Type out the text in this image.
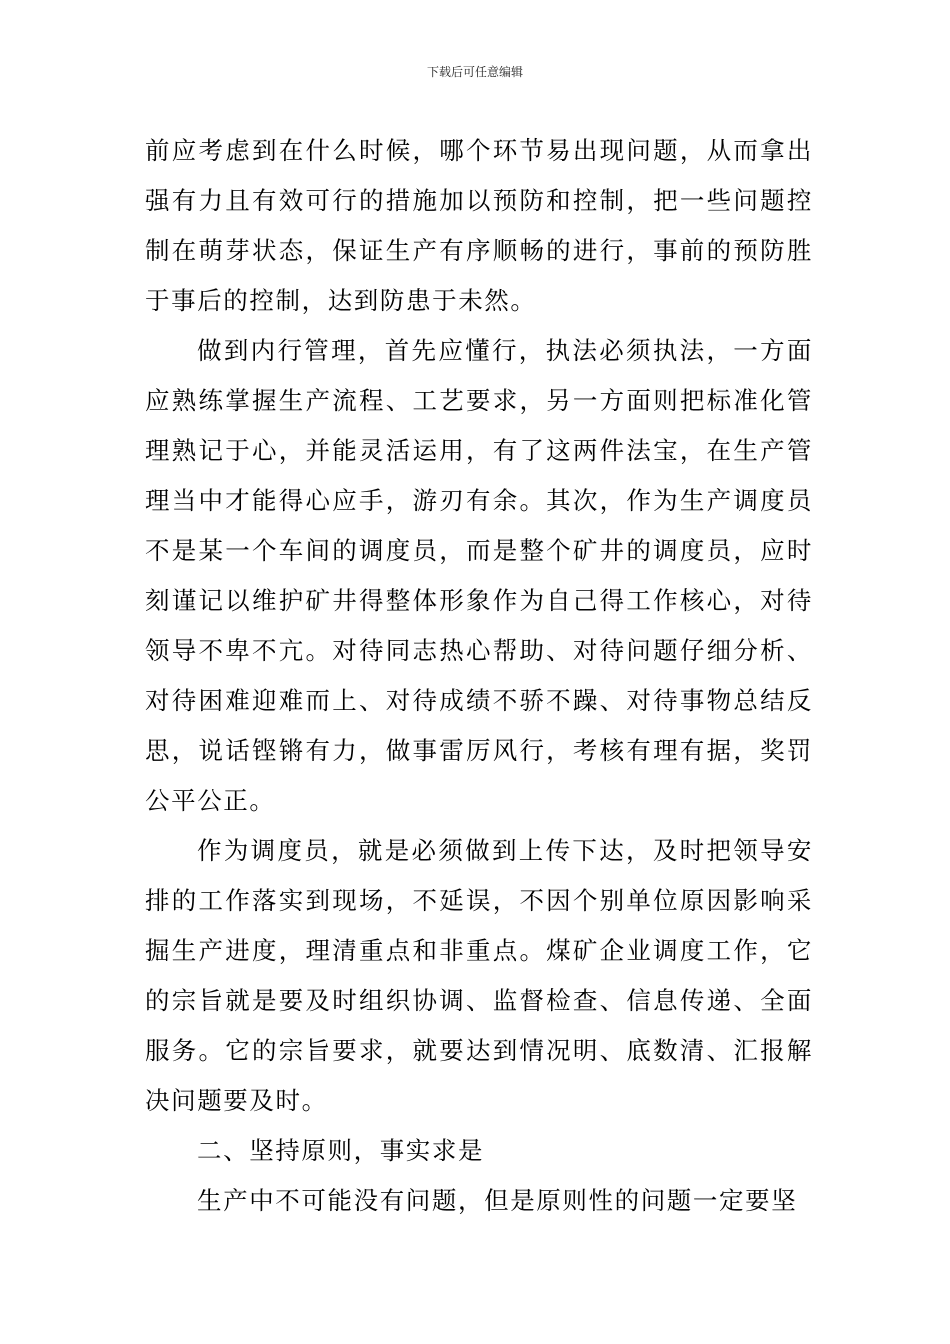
下载后可任意编辑

前应考虑到在什么时候，哪个环节易出现问题，从而拿出强有力且有效可行的措施加以预防和控制，把一些问题控制在萌芽状态，保证生产有序顺畅的进行，事前的预防胜于事后的控制，达到防患于未然。

做到内行管理，首先应懂行，执法必须执法，一方面应熟练掌握生产流程、工艺要求，另一方面则把标准化管理熟记于心，并能灵活运用，有了这两件法宝，在生产管理当中才能得心应手，游刃有余。其次，作为生产调度员不是某一个车间的调度员，而是整个矿井的调度员，应时刻谨记以维护矿井得整体形象作为自己得工作核心，对待领导不卑不亢。对待同志热心帮助、对待问题仔细分析、对待困难迎难而上、对待成绩不骄不躁、对待事物总结反思，说话铿锵有力，做事雷厉风行，考核有理有据，奖罚公平公正。

作为调度员，就是必须做到上传下达，及时把领导安排的工作落实到现场，不延误，不因个别单位原因影响采掘生产进度，理清重点和非重点。煤矿企业调度工作，它的宗旨就是要及时组织协调、监督检查、信息传递、全面服务。它的宗旨要求，就要达到情况明、底数清、汇报解决问题要及时。

二、坚持原则，事实求是

生产中不可能没有问题，但是原则性的问题一定要坚
